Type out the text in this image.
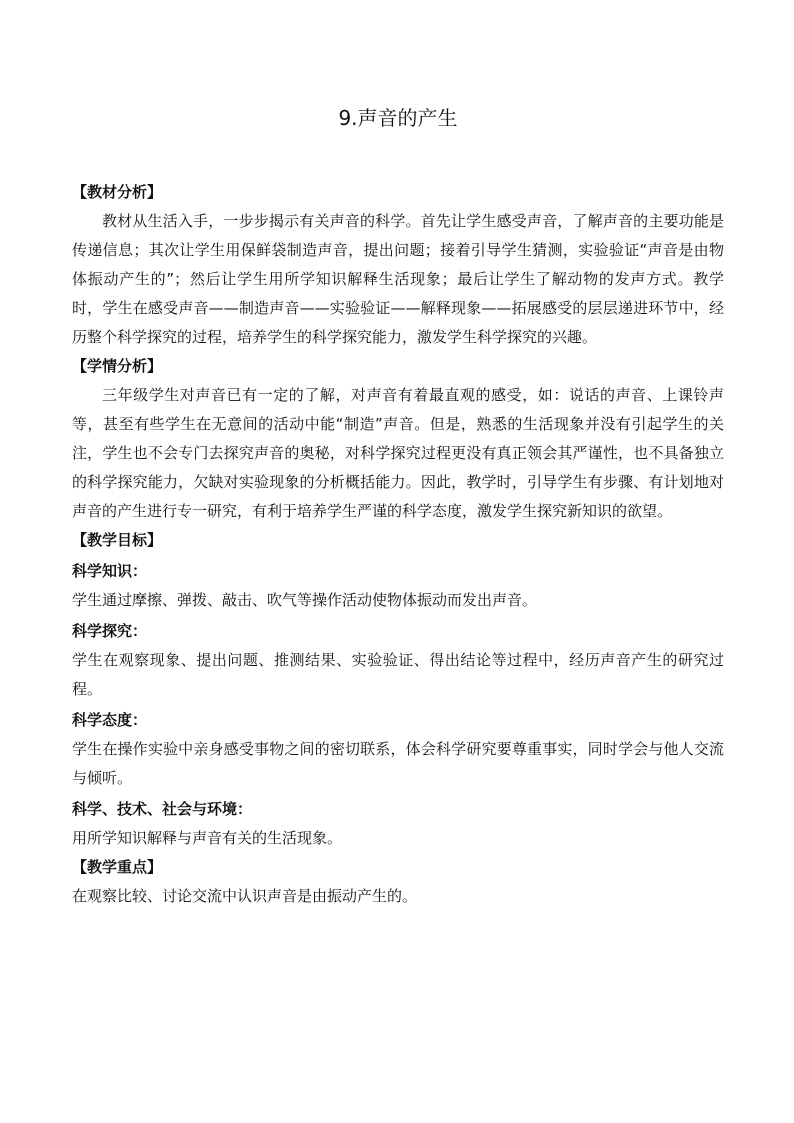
9.声音的产生

【教材分析】

教材从生活入手，一步步揭示有关声音的科学。首先让学生感受声音，了解声音的主要功能是传递信息；其次让学生用保鲜袋制造声音，提出问题；接着引导学生猜测，实验验证“声音是由物体振动产生的”；然后让学生用所学知识解释生活现象；最后让学生了解动物的发声方式。教学时，学生在感受声音——制造声音——实验验证——解释现象——拓展感受的层层递进环节中，经历整个科学探究的过程，培养学生的科学探究能力，激发学生科学探究的兴趣。

【学情分析】

三年级学生对声音已有一定的了解，对声音有着最直观的感受，如：说话的声音、上课铃声等，甚至有些学生在无意间的活动中能“制造”声音。但是，熟悉的生活现象并没有引起学生的关注，学生也不会专门去探究声音的奥秘，对科学探究过程更没有真正领会其严谨性，也不具备独立的科学探究能力，欠缺对实验现象的分析概括能力。因此，教学时，引导学生有步骤、有计划地对声音的产生进行专一研究，有利于培养学生严谨的科学态度，激发学生探究新知识的欲望。

【教学目标】

科学知识：

学生通过摩擦、弹拨、敲击、吹气等操作活动使物体振动而发出声音。

科学探究：

学生在观察现象、提出问题、推测结果、实验验证、得出结论等过程中，经历声音产生的研究过程。

科学态度：

学生在操作实验中亲身感受事物之间的密切联系，体会科学研究要尊重事实，同时学会与他人交流与倾听。

科学、技术、社会与环境：

用所学知识解释与声音有关的生活现象。

【教学重点】

在观察比较、讨论交流中认识声音是由振动产生的。
